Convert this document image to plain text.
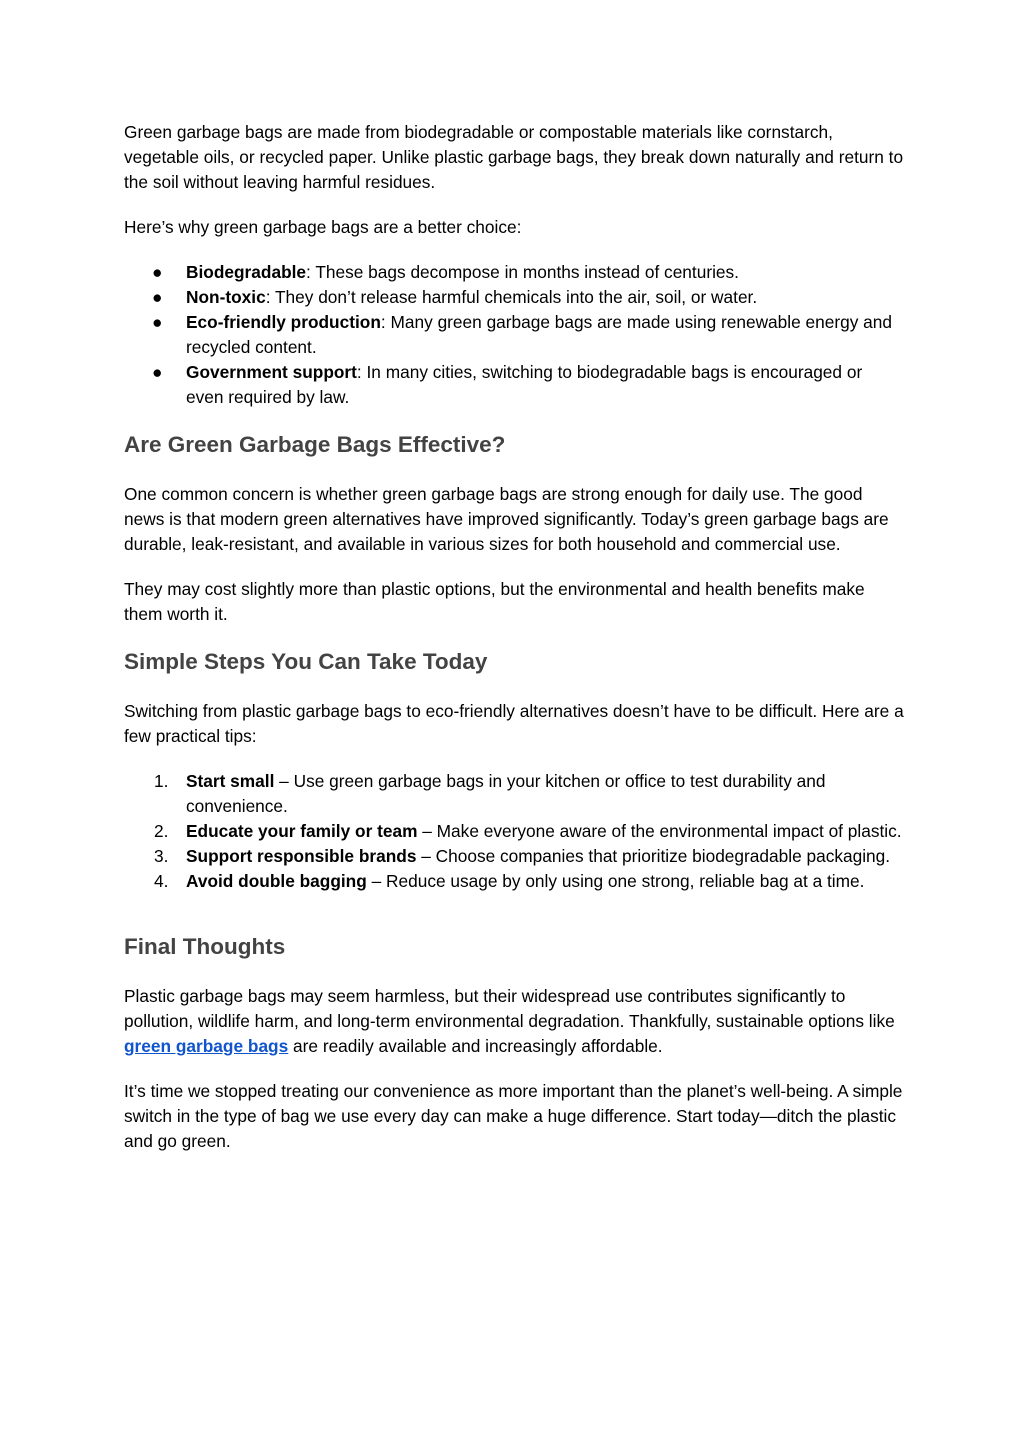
Green garbage bags are made from biodegradable or compostable materials like cornstarch, vegetable oils, or recycled paper. Unlike plastic garbage bags, they break down naturally and return to the soil without leaving harmful residues.

Here’s why green garbage bags are a better choice:

●	Biodegradable: These bags decompose in months instead of centuries.
●	Non-toxic: They don’t release harmful chemicals into the air, soil, or water.
●	Eco-friendly production: Many green garbage bags are made using renewable energy and recycled content.
●	Government support: In many cities, switching to biodegradable bags is encouraged or even required by law.
Are Green Garbage Bags Effective?

One common concern is whether green garbage bags are strong enough for daily use. The good news is that modern green alternatives have improved significantly. Today’s green garbage bags are durable, leak-resistant, and available in various sizes for both household and commercial use.

They may cost slightly more than plastic options, but the environmental and health benefits make them worth it.

Simple Steps You Can Take Today

Switching from plastic garbage bags to eco-friendly alternatives doesn’t have to be difficult. Here are a few practical tips:

1.	Start small – Use green garbage bags in your kitchen or office to test durability and convenience.
2.	Educate your family or team – Make everyone aware of the environmental impact of plastic.
3.	Support responsible brands – Choose companies that prioritize biodegradable packaging.
4.	Avoid double bagging – Reduce usage by only using one strong, reliable bag at a time.
Final Thoughts

Plastic garbage bags may seem harmless, but their widespread use contributes significantly to pollution, wildlife harm, and long-term environmental degradation. Thankfully, sustainable options like green garbage bags are readily available and increasingly affordable.

It’s time we stopped treating our convenience as more important than the planet’s well-being. A simple switch in the type of bag we use every day can make a huge difference. Start today—ditch the plastic and go green.
